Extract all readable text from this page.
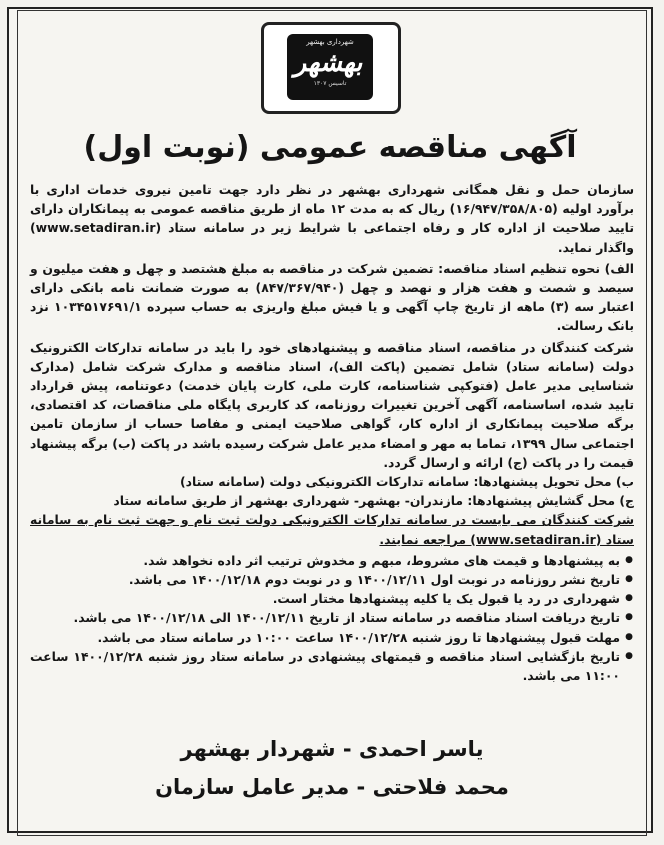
شهرداری بهشهر
بهشهر
تاسیس ۱۳۰۷
آگهی مناقصه عمومی (نوبت اول)

سازمان حمل و نقل همگانی شهرداری بهشهر در نظر دارد جهت تامین نیروی خدمات اداری با برآورد اولیه (۱۶/۹۴۷/۳۵۸/۸۰۵) ریال که به مدت ۱۲ ماه از طریق مناقصه عمومی به پیمانکاران دارای تایید صلاحیت از اداره کار و رفاه اجتماعی با شرایط زیر در سامانه ستاد (www.setadiran.ir) واگذار نماید.

الف) نحوه تنظیم اسناد مناقصه: تضمین شرکت در مناقصه به مبلغ هشتصد و چهل و هفت میلیون و سیصد و شصت و هفت هزار و نهصد و چهل (۸۴۷/۳۶۷/۹۴۰) به صورت ضمانت نامه بانکی دارای اعتبار سه (۳) ماهه از تاریخ چاپ آگهی و یا فیش مبلغ واریزی به حساب سپرده ۱۰۳۴۵۱۷۶۹۱/۱ نزد بانک رسالت.

شرکت کنندگان در مناقصه، اسناد مناقصه و پیشنهادهای خود را باید در سامانه تدارکات الکترونیک دولت (سامانه ستاد) شامل تضمین (پاکت الف)، اسناد مناقصه و مدارک شرکت شامل (مدارک شناسایی مدیر عامل (فتوکپی شناسنامه، کارت ملی، کارت پایان خدمت) دعوتنامه، پیش قرارداد تایید شده، اساسنامه، آگهی آخرین تغییرات روزنامه، کد کاربری پایگاه ملی مناقصات، کد اقتصادی، برگه صلاحیت پیمانکاری از اداره کار، گواهی صلاحیت ایمنی و مفاصا حساب از سازمان تامین اجتماعی سال ۱۳۹۹، تماما به مهر و امضاء مدیر عامل شرکت رسیده باشد در پاکت (ب) برگه پیشنهاد قیمت را در پاکت (ج) ارائه و ارسال گردد.

ب) محل تحویل پیشنهادها: سامانه تدارکات الکترونیکی دولت (سامانه ستاد)

ج) محل گشایش پیشنهادها: مازندران- بهشهر- شهرداری بهشهر از طریق سامانه ستاد

شرکت کنندگان می بایست در سامانه تدارکات الکترونیکی دولت ثبت نام و جهت ثبت نام به سامانه ستاد (www.setadiran.ir) مراجعه نمایند.

● به پیشنهادها و قیمت های مشروط، مبهم و مخدوش ترتیب اثر داده نخواهد شد.
● تاریخ نشر روزنامه در نوبت اول ۱۴۰۰/۱۲/۱۱ و در نوبت دوم ۱۴۰۰/۱۲/۱۸ می باشد.
● شهرداری در رد یا قبول یک یا کلیه پیشنهادها مختار است.
● تاریخ دریافت اسناد مناقصه در سامانه ستاد از تاریخ ۱۴۰۰/۱۲/۱۱ الی ۱۴۰۰/۱۲/۱۸ می باشد.
● مهلت قبول پیشنهادها تا روز شنبه ۱۴۰۰/۱۲/۲۸ ساعت ۱۰:۰۰ در سامانه ستاد می باشد.
● تاریخ بازگشایی اسناد مناقصه و قیمتهای پیشنهادی در سامانه ستاد روز شنبه ۱۴۰۰/۱۲/۲۸ ساعت ۱۱:۰۰ می باشد.
یاسر احمدی - شهردار بهشهر
محمد فلاحتی - مدیر عامل سازمان
